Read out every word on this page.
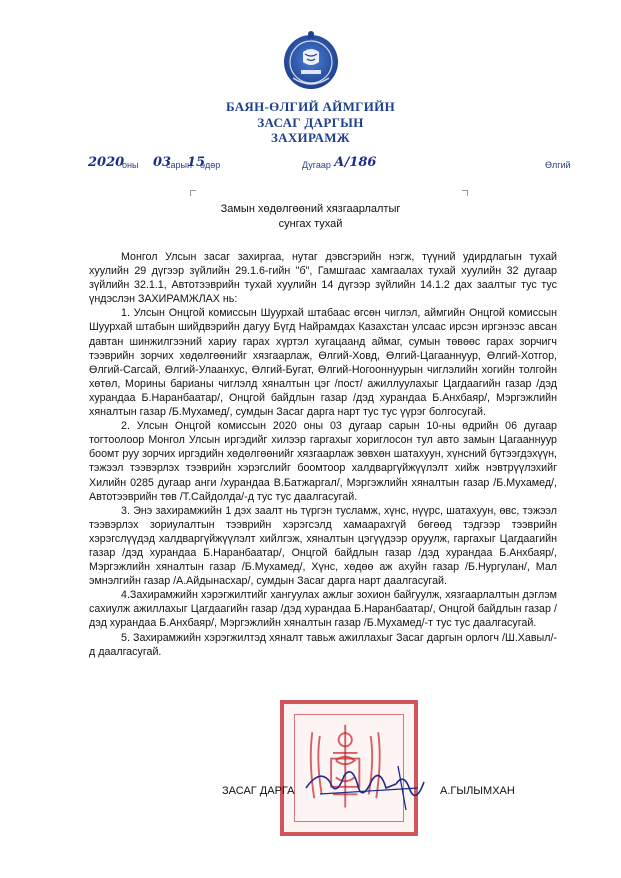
БАЯН-ӨЛГИЙ АЙМГИЙН
ЗАСАГ ДАРГЫН
ЗАХИРАМЖ
2020
оны 03
сарын
15
өдөр	Дугаар А/186	Өлгий
Замын хөдөлгөөний хязгаарлалтыг
сунгах тухай

Монгол Улсын засаг захиргаа, нутаг дэвсгэрийн нэгж, түүний удирдлагын тухай хуулийн 29 дүгээр зүйлийн 29.1.6-гийн "б", Гамшгаас хамгаалах тухай хуулийн 32 дугаар зүйлийн 32.1.1, Автотээврийн тухай хуулийн 14 дүгээр зүйлийн 14.1.2 дах заалтыг тус тус үндэслэн ЗАХИРАМЖЛАХ нь:

1. Улсын Онцгой комиссын Шуурхай штабаас өгсөн чиглэл, аймгийн Онцгой комиссын Шуурхай штабын шийдвэрийн дагуу Бүгд Найрамдах Казахстан улсаас ирсэн иргэнээс авсан давтан шинжилгээний хариу гарах хүртэл хугацаанд аймаг, сумын төвөөс гарах зорчигч тээврийн зорчих хөдөлгөөнийг хязгаарлаж, Өлгий-Ховд, Өлгий-Цагааннуур, Өлгий-Хотгор, Өлгий-Сагсай, Өлгий-Улаанхус, Өлгий-Бугат, Өлгий-Ногооннуурын чиглэлийн хогийн толгойн хөтөл, Морины барианы чиглэлд хяналтын цэг /пост/ ажиллуулахыг Цагдаагийн газар /дэд хурандаа Б.Наранбаатар/, Онцгой байдлын газар /дэд хурандаа Б.Анхбаяр/, Мэргэжлийн хяналтын газар /Б.Мухамед/, сумдын Засаг дарга нарт тус тус үүрэг болгосугай.

2. Улсын Онцгой комиссын 2020 оны 03 дугаар сарын 10-ны өдрийн 06 дугаар тогтоолоор Монгол Улсын иргэдийг хилээр гаргахыг хориглосон тул авто замын Цагааннуур боомт руу зорчих иргэдийн хөдөлгөөнийг хязгаарлаж зөвхөн шатахуун, хүнсний бүтээгдэхүүн, тэжээл тээвэрлэх тээврийн хэрэгслийг боомтоор халдваргүйжүүлэлт хийж нэвтрүүлэхийг Хилийн 0285 дугаар анги /хурандаа В.Батжаргал/, Мэргэжлийн хяналтын газар /Б.Мухамед/, Автотээврийн төв /Т.Сайдолда/-д тус тус даалгасугай.

3. Энэ захирамжийн 1 дэх заалт нь түргэн тусламж, хүнс, нүүрс, шатахуун, өвс, тэжээл тээвэрлэх зориулалтын тээврийн хэрэгсэлд хамаарахгүй бөгөөд тэдгээр тээврийн хэрэгслүүдэд халдваргүйжүүлэлт хийлгэж, хяналтын цэгүүдээр оруулж, гаргахыг Цагдаагийн газар /дэд хурандаа Б.Наранбаатар/, Онцгой байдлын газар /дэд хурандаа Б.Анхбаяр/, Мэргэжлийн хяналтын газар /Б.Мухамед/, Хүнс, хөдөө аж ахуйн газар /Б.Нургулан/, Мал эмнэлгийн газар /А.Айдынасхар/, сумдын Засаг дарга нарт даалгасугай.

4.Захирамжийн хэрэгжилтийг хангуулах ажлыг зохион байгуулж, хязгаарлалтын дэглэм сахиулж ажиллахыг Цагдаагийн газар /дэд хурандаа Б.Наранбаатар/, Онцгой байдлын газар /дэд хурандаа Б.Анхбаяр/, Мэргэжлийн хяналтын газар /Б.Мухамед/-т тус тус даалгасугай.

5. Захирамжийн хэрэгжилтэд хяналт тавьж ажиллахыг Засаг даргын орлогч /Ш.Хавыл/-д даалгасугай.

ЗАСАГ ДАРГА	А.ГЫЛЫМХАН
